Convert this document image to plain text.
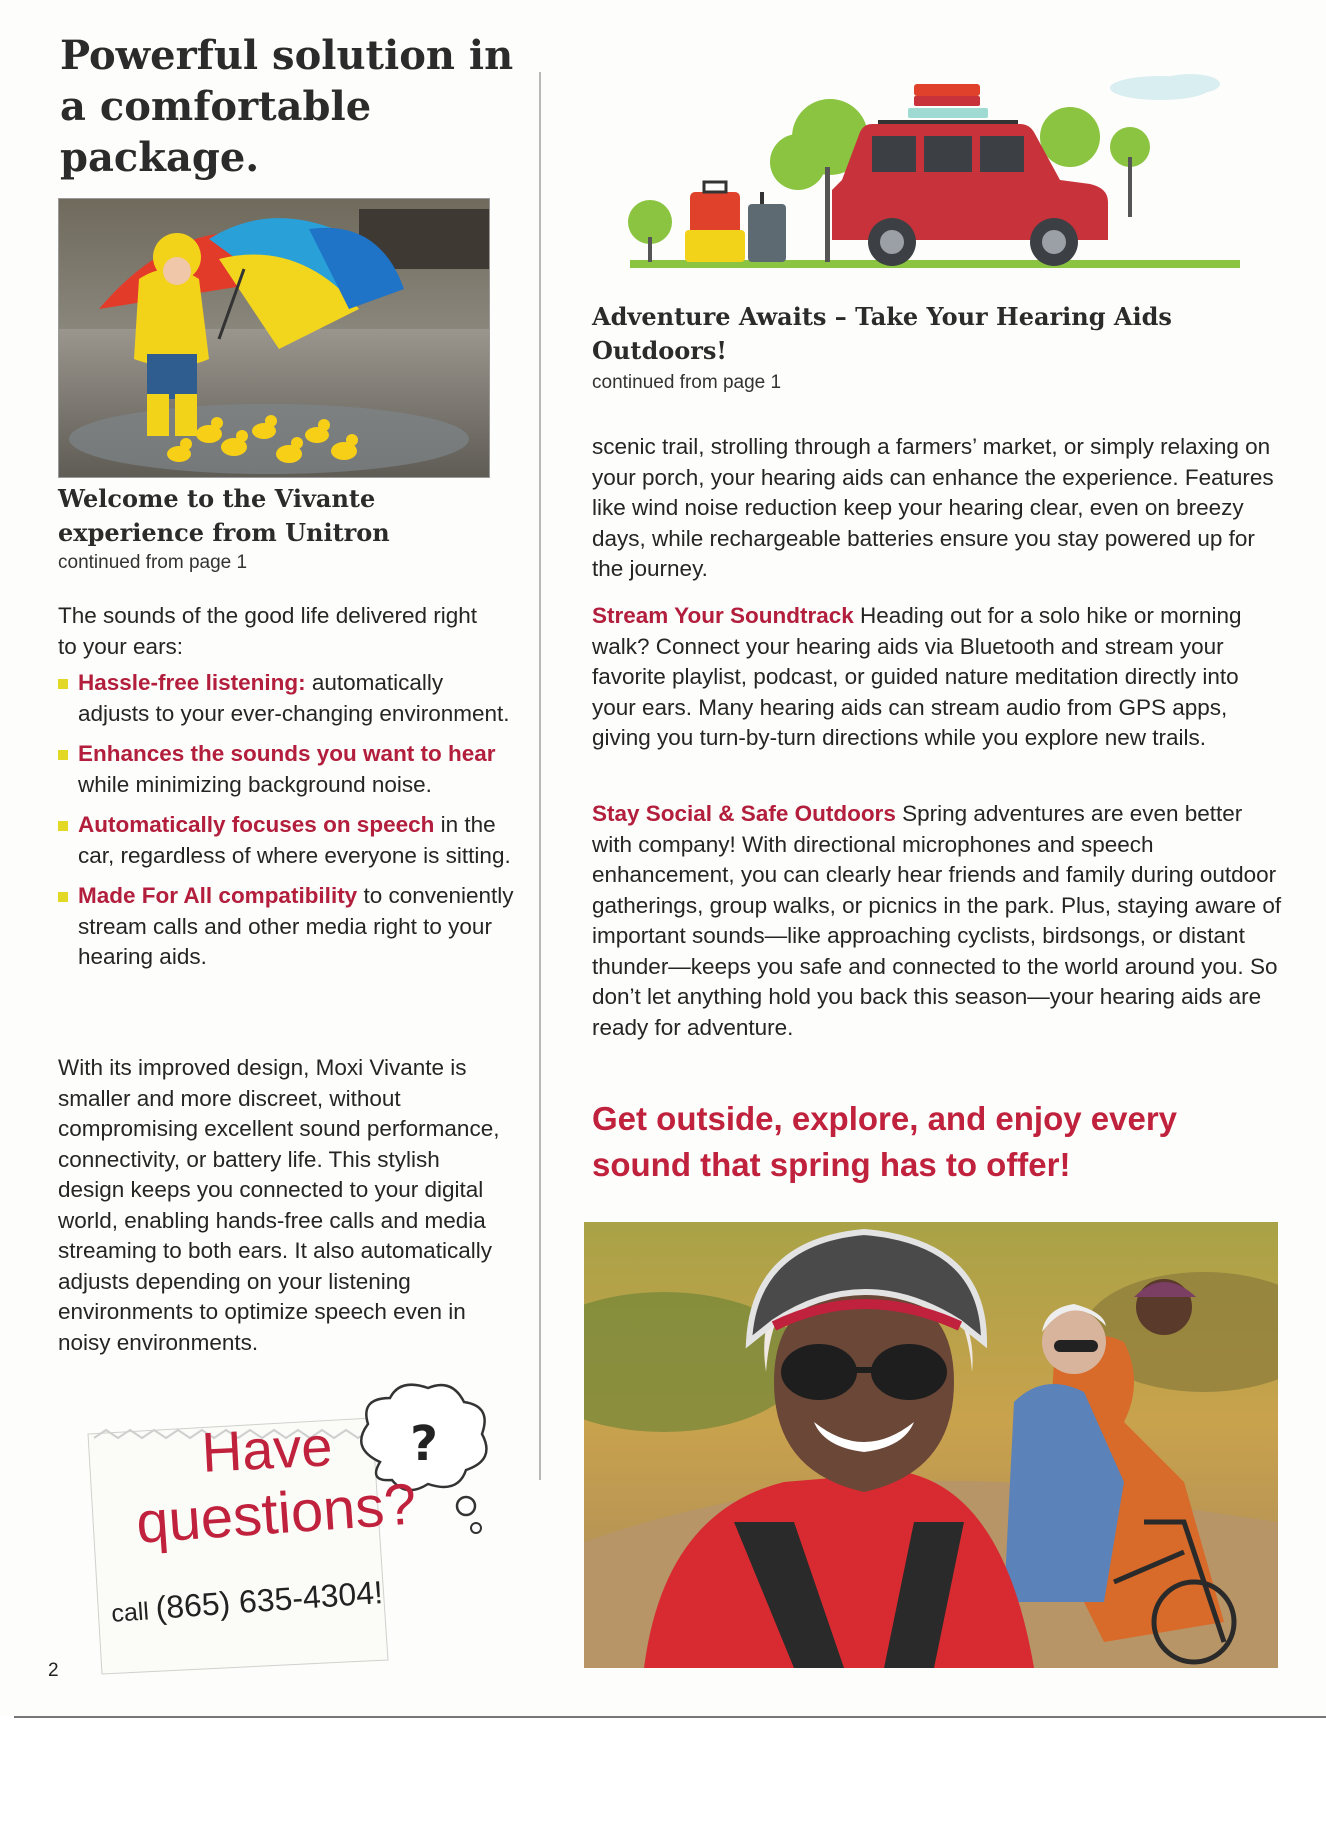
Powerful solution in a comfortable package.
Welcome to the Vivante experience from Unitron
continued from page 1

The sounds of the good life delivered right to your ears:

Hassle-free listening: automatically adjusts to your ever-changing environment.
Enhances the sounds you want to hear while minimizing background noise.
Automatically focuses on speech in the car, regardless of where everyone is sitting.
Made For All compatibility to conveniently stream calls and other media right to your hearing aids.

With its improved design, Moxi Vivante is smaller and more discreet, without compromising excellent sound performance, connectivity, or battery life. This stylish design keeps you connected to your digital world, enabling hands-free calls and media streaming to both ears. It also automatically adjusts depending on your listening environments to optimize speech even in noisy environments.

?
Have
questions?
call (865) 635-4304!
2
Adventure Awaits – Take Your Hearing Aids Outdoors!
continued from page 1

scenic trail, strolling through a farmers’ market, or simply relaxing on your porch, your hearing aids can enhance the experience. Features like wind noise reduction keep your hearing clear, even on breezy days, while rechargeable batteries ensure you stay powered up for the journey.

Stream Your Soundtrack Heading out for a solo hike or morning walk? Connect your hearing aids via Bluetooth and stream your favorite playlist, podcast, or guided nature meditation directly into your ears. Many hearing aids can stream audio from GPS apps, giving you turn-by-turn directions while you explore new trails.

Stay Social & Safe Outdoors Spring adventures are even better with company! With directional microphones and speech enhancement, you can clearly hear friends and family during outdoor gatherings, group walks, or picnics in the park. Plus, staying aware of important sounds—like approaching cyclists, birdsongs, or distant thunder—keeps you safe and connected to the world around you. So don’t let anything hold you back this season—your hearing aids are ready for adventure.

Get outside, explore, and enjoy every sound that spring has to offer!
